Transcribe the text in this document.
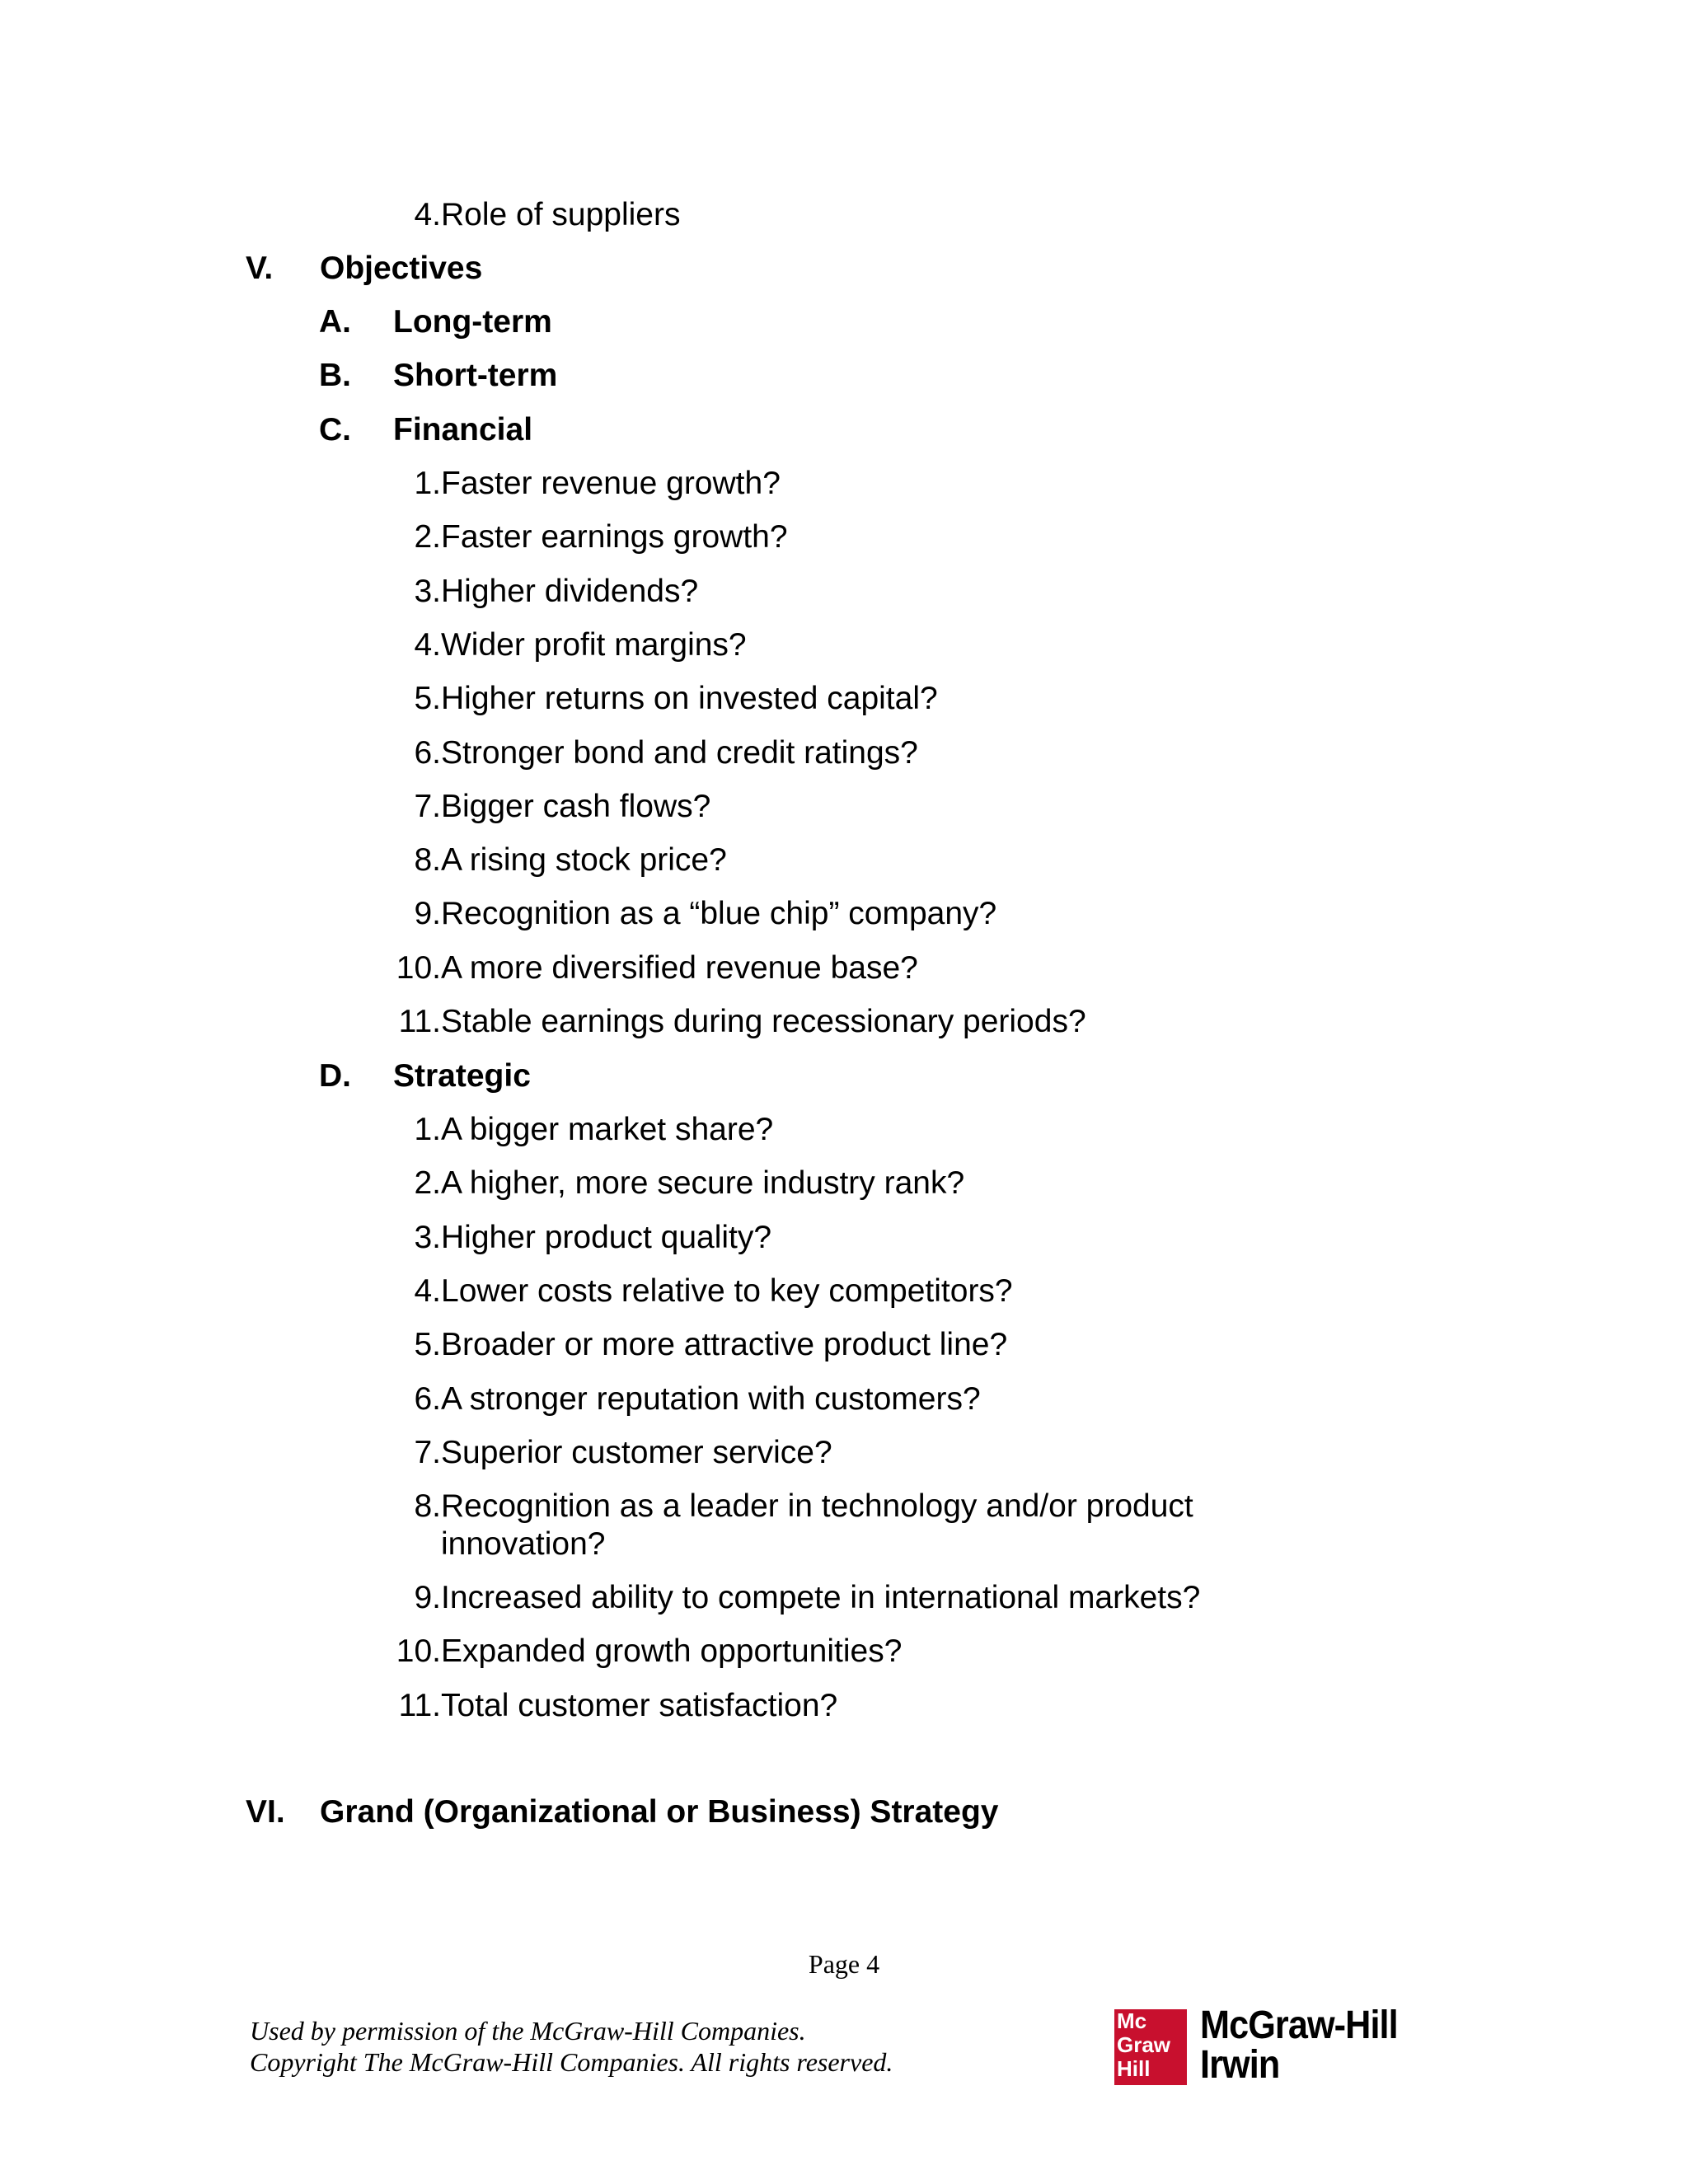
4. Role of suppliers
V. Objectives
A. Long-term
B. Short-term
C. Financial
1. Faster revenue growth?
2. Faster earnings growth?
3. Higher dividends?
4. Wider profit margins?
5. Higher returns on invested capital?
6. Stronger bond and credit ratings?
7. Bigger cash flows?
8. A rising stock price?
9. Recognition as a “blue chip” company?
10. A more diversified revenue base?
11. Stable earnings during recessionary periods?
D. Strategic
1. A bigger market share?
2. A higher, more secure industry rank?
3. Higher product quality?
4. Lower costs relative to key competitors?
5. Broader or more attractive product line?
6. A stronger reputation with customers?
7. Superior customer service?
8. Recognition as a leader in technology and/or product
innovation?
9. Increased ability to compete in international markets?
10. Expanded growth opportunities?
11. Total customer satisfaction?
VI. Grand (Organizational or Business) Strategy
Page 4
Used by permission of the McGraw-Hill Companies.
Copyright The McGraw-Hill Companies. All rights reserved.
Mc
Graw
Hill
McGraw-Hill
Irwin
